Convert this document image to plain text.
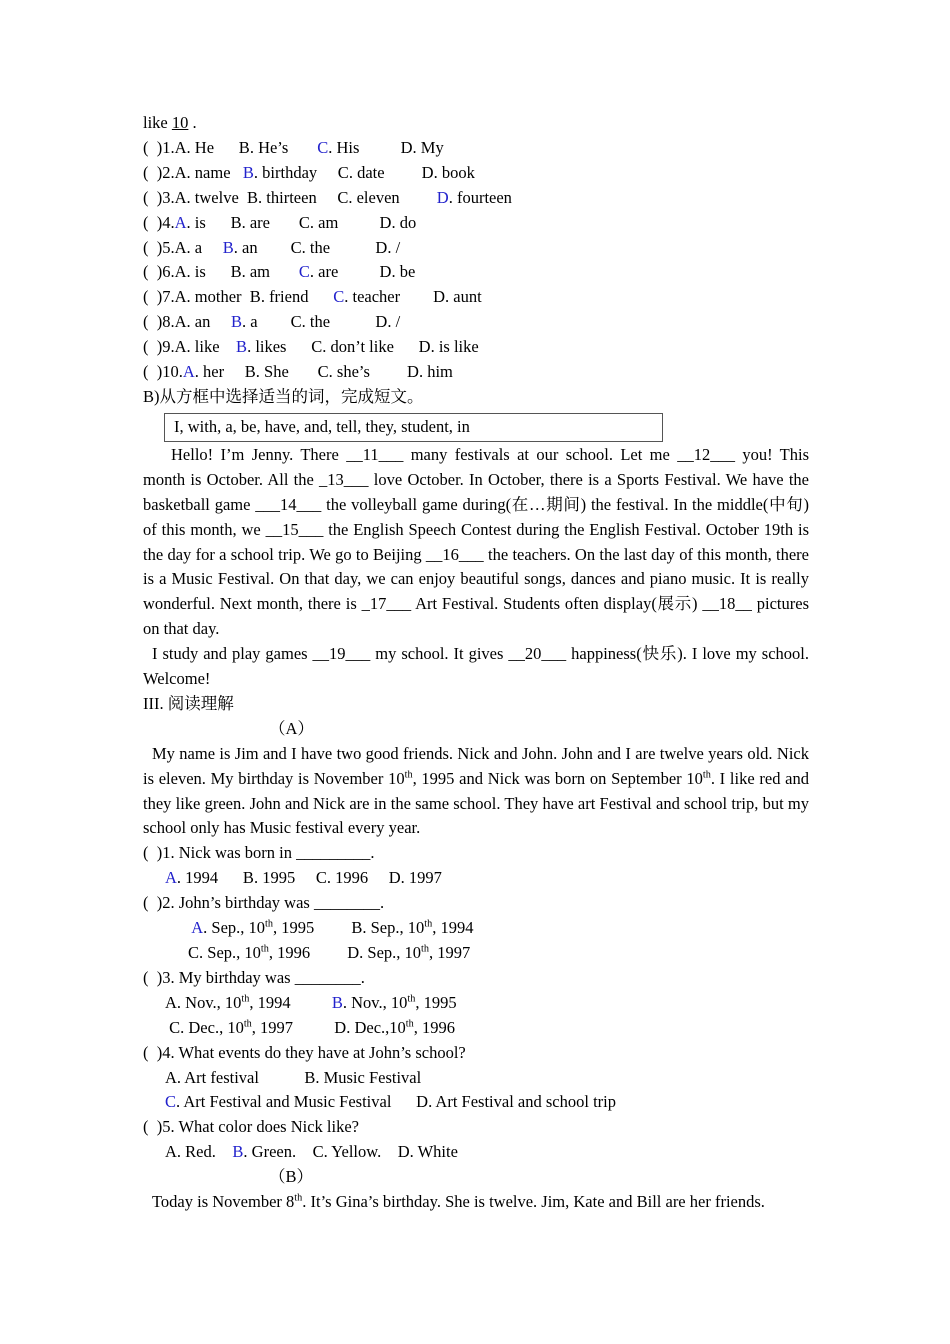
like 10 .
(  )1.A. He      B. He’s       C. His          D. My
(  )2.A. name   B. birthday     C. date         D. book
(  )3.A. twelve  B. thirteen     C. eleven         D. fourteen
(  )4.A. is      B. are       C. am          D. do
(  )5.A. a     B. an        C. the           D. /
(  )6.A. is      B. am       C. are          D. be
(  )7.A. mother  B. friend      C. teacher        D. aunt
(  )8.A. an     B. a        C. the           D. /
(  )9.A. like    B. likes      C. don’t like      D. is like
(  )10.A. her     B. She       C. she’s         D. him
B)从方框中选择适当的词，完成短文。
I, with, a, be, have, and, tell, they, student, in

Hello! I’m Jenny. There __11___ many festivals at our school. Let me __12___ you! This month is October. All the _13___ love October. In October, there is a Sports Festival. We have the basketball game ___14___ the volleyball game during(在…期间) the festival. In the middle(中旬) of this month, we __15___ the English Speech Contest during the English Festival. October 19th is the day for a school trip. We go to Beijing __16___ the teachers. On the last day of this month, there is a Music Festival. On that day, we can enjoy beautiful songs, dances and piano music. It is really wonderful. Next month, there is _17___ Art Festival. Students often display(展示) __18__ pictures on that day.

I study and play games __19___ my school. It gives __20___ happiness(快乐). I love my school. Welcome!

III. 阅读理解
（A）

My name is Jim and I have two good friends. Nick and John. John and I are twelve years old. Nick is eleven. My birthday is November 10th, 1995 and Nick was born on September 10th. I like red and they like green. John and Nick are in the same school. They have art Festival and school trip, but my school only has Music festival every year.

(  )1. Nick was born in _________.
A. 1994      B. 1995     C. 1996     D. 1997
(  )2. John’s birthday was ________.
A. Sep., 10th, 1995         B. Sep., 10th, 1994
C. Sep., 10th, 1996         D. Sep., 10th, 1997
(  )3. My birthday was ________.
A. Nov., 10th, 1994          B. Nov., 10th, 1995
C. Dec., 10th, 1997          D. Dec.,10th, 1996
(  )4. What events do they have at John’s school?
A. Art festival           B. Music Festival
C. Art Festival and Music Festival      D. Art Festival and school trip
(  )5. What color does Nick like?
A. Red.    B. Green.    C. Yellow.    D. White
（B）

Today is November 8th. It’s Gina’s birthday. She is twelve. Jim, Kate and Bill are her friends.
